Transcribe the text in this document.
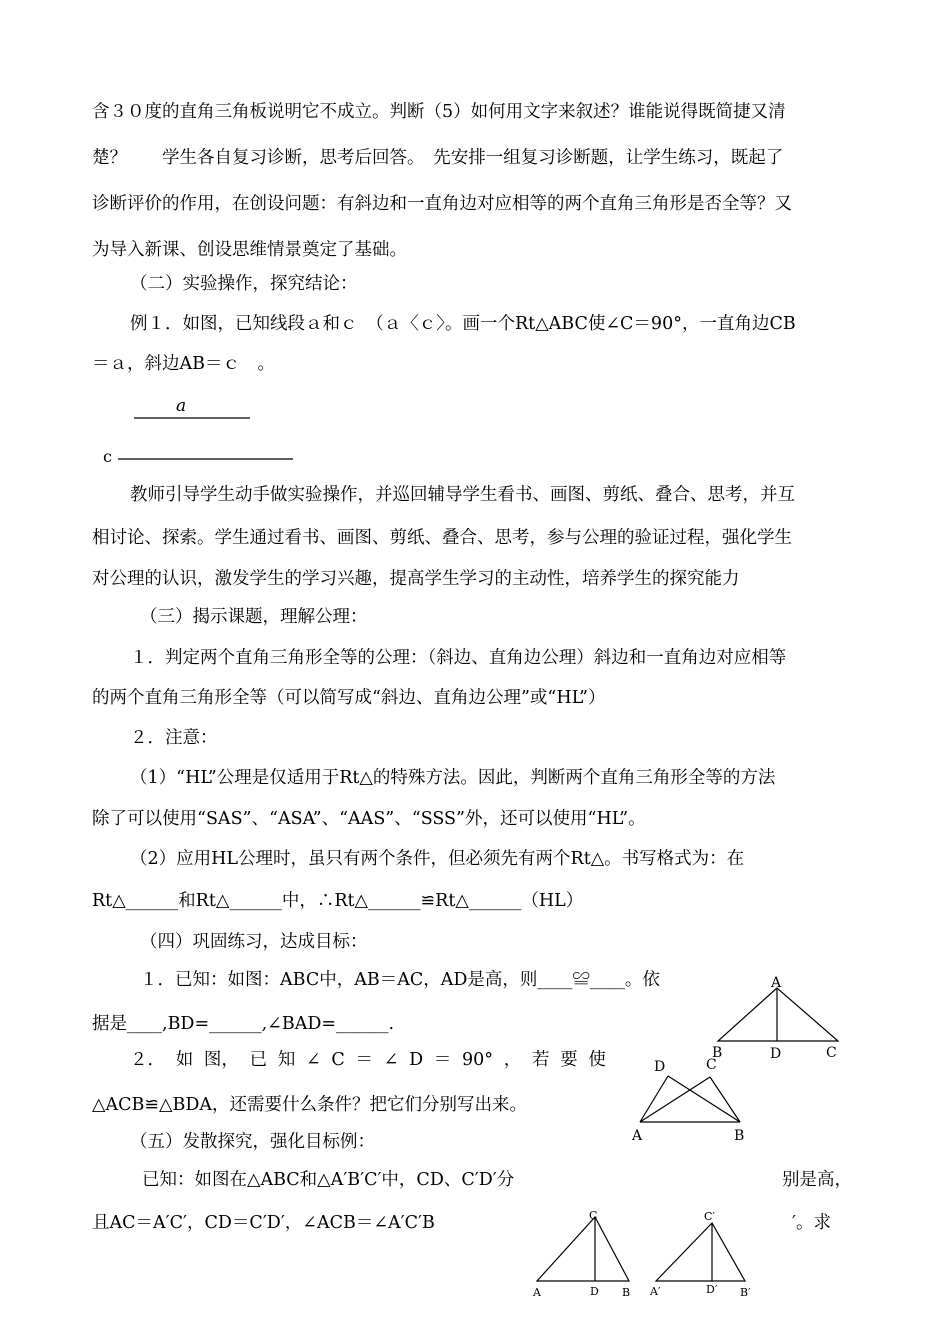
含３０度的直角三角板说明它不成立。判断（5）如何用文字来叙述？谁能说得既简捷又清
楚？　　学生各自复习诊断，思考后回答。　先安排一组复习诊断题，让学生练习，既起了
诊断评价的作用，在创设问题：有斜边和一直角边对应相等的两个直角三角形是否全等？又
为导入新课、创设思维情景奠定了基础。
（二）实验操作，探究结论：
例１．如图，已知线段ａ和ｃ　（ａ〈ｃ〉。画一个Rt△ABC使∠C＝90°，一直角边CB
＝ａ，斜边AB＝ｃ　。
a
c
教师引导学生动手做实验操作，并巡回辅导学生看书、画图、剪纸、叠合、思考，并互
相讨论、探索。学生通过看书、画图、剪纸、叠合、思考，参与公理的验证过程，强化学生
对公理的认识，激发学生的学习兴趣，提高学生学习的主动性，培养学生的探究能力
（三）揭示课题，理解公理：
１．判定两个直角三角形全等的公理：（斜边、直角边公理）斜边和一直角边对应相等
的两个直角三角形全等（可以简写成“斜边、直角边公理”或“HL”）
２．注意：
（1）“HL”公理是仅适用于Rt△的特殊方法。因此，判断两个直角三角形全等的方法
除了可以使用“SAS”、“ASA”、“AAS”、“SSS”外，还可以使用“HL”。
（2）应用HL公理时，虽只有两个条件，但必须先有两个Rt△。书写格式为：在
Rt△______和Rt△______中，∴Rt△______≌Rt△______（HL）
（四）巩固练习，达成目标：
１．已知：如图：ABC中，AB＝AC，AD是高，则____≌____。依
据是____,BD=______,∠BAD=______.
２． 如 图， 已 知 ∠ C ＝ ∠ D ＝ 90° ， 若 要 使
△ACB≌△BDA，还需要什么条件？把它们分别写出来。
（五）发散探究，强化目标例：
已知：如图在△ABC和△A′B′C′中，CD、C′D′分	别是高，
且AC＝A′C′，CD＝C′D′，∠ACB＝∠A′C′B	′。求
A
B	D	C
D	C
A	B
C
A	D B
C′
A′	D′ B′
